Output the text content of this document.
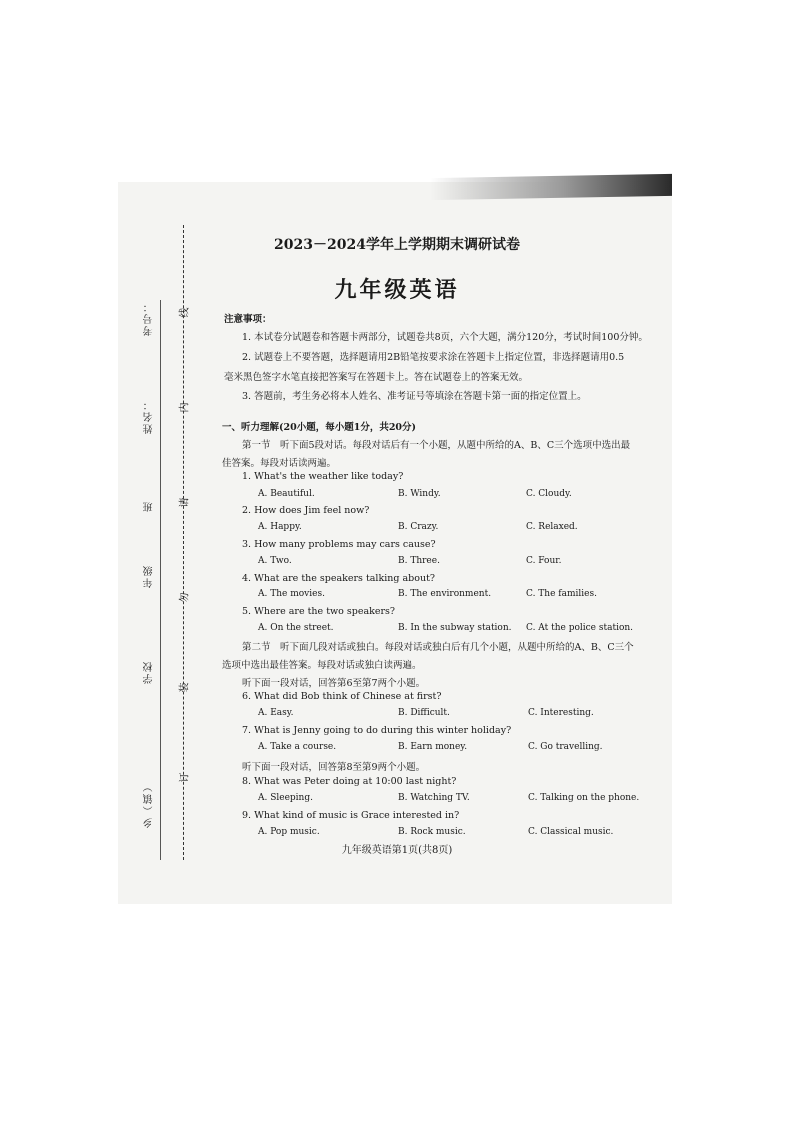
考号：
姓名：
班
年级
学校
乡（镇）
线
内
请
勿
装
订
2023－2024学年上学期期末调研试卷
九年级英语
注意事项：
1. 本试卷分试题卷和答题卡两部分，试题卷共8页，六个大题，满分120分，考试时间100分钟。
2. 试题卷上不要答题，选择题请用2B铅笔按要求涂在答题卡上指定位置，非选择题请用0.5
毫米黑色签字水笔直接把答案写在答题卡上。答在试题卷上的答案无效。
3. 答题前，考生务必将本人姓名、准考证号等填涂在答题卡第一面的指定位置上。
一、听力理解(20小题，每小题1分，共20分)
第一节　听下面5段对话。每段对话后有一个小题，从题中所给的A、B、C三个选项中选出最
佳答案。每段对话读两遍。
1. What's the weather like today?
A. Beautiful.	B. Windy.	C. Cloudy.
2. How does Jim feel now?
A. Happy.	B. Crazy.	C. Relaxed.
3. How many problems may cars cause?
A. Two.	B. Three.	C. Four.
4. What are the speakers talking about?
A. The movies.	B. The environment.	C. The families.
5. Where are the two speakers?
A. On the street.	B. In the subway station. C. At the police station.
第二节　听下面几段对话或独白。每段对话或独白后有几个小题，从题中所给的A、B、C三个
选项中选出最佳答案。每段对话或独白读两遍。
听下面一段对话，回答第6至第7两个小题。
6. What did Bob think of Chinese at first?
A. Easy.	B. Difficult.	C. Interesting.
7. What is Jenny going to do during this winter holiday?
A. Take a course.	B. Earn money.	C. Go travelling.
听下面一段对话，回答第8至第9两个小题。
8. What was Peter doing at 10:00 last night?
A. Sleeping.	B. Watching TV.	C. Talking on the phone.
9. What kind of music is Grace interested in?
A. Pop music.	B. Rock music.	C. Classical music.
九年级英语第1页(共8页)
